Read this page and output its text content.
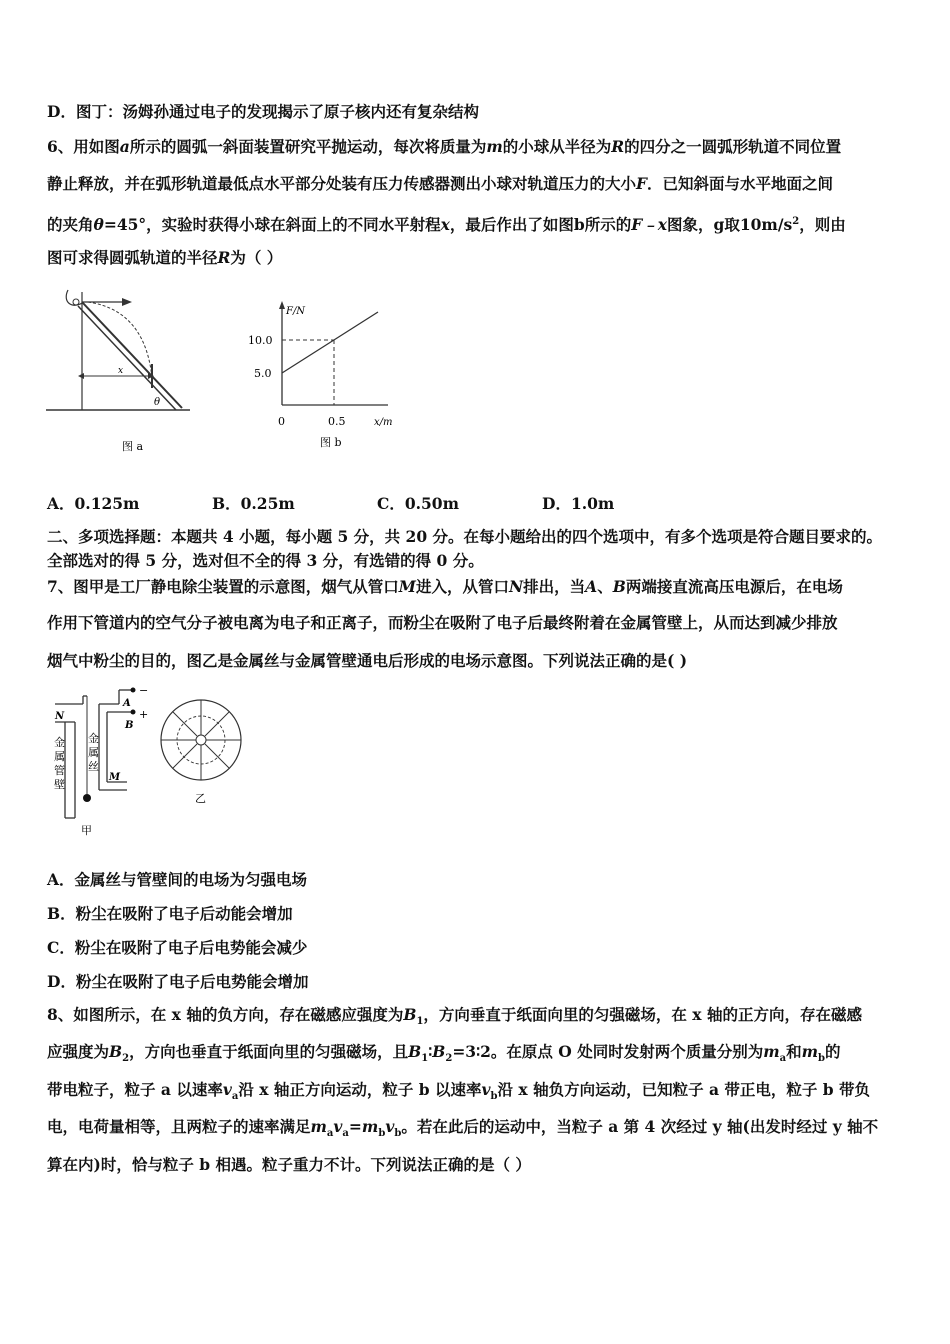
D．图丁：汤姆孙通过电子的发现揭示了原子核内还有复杂结构
6、用如图a所示的圆弧一斜面装置研究平抛运动，每次将质量为m的小球从半径为R的四分之一圆弧形轨道不同位置
静止释放，并在弧形轨道最低点水平部分处装有压力传感器测出小球对轨道压力的大小F．已知斜面与水平地面之间
的夹角θ=45°，实验时获得小球在斜面上的不同水平射程x，最后作出了如图b所示的F﹣x图象，g取$10m/s^2$，则由
图可求得圆弧轨道的半径R为（ ）
x
θ
图 a
F/N
10.0
5.0
0	0.5	x/m
图 b
A．0.125m	B．0.25m	C．0.50m	D．1.0m
二、多项选择题：本题共 4 小题，每小题 5 分，共 20 分。在每小题给出的四个选项中，有多个选项是符合题目要求的。
全部选对的得 5 分，选对但不全的得 3 分，有选错的得 0 分。
7、图甲是工厂静电除尘装置的示意图，烟气从管口M进入，从管口N排出，当A、B两端接直流高压电源后，在电场
作用下管道内的空气分子被电离为电子和正离子，而粉尘在吸附了电子后最终附着在金属管壁上，从而达到减少排放
烟气中粉尘的目的，图乙是金属丝与金属管壁通电后形成的电场示意图。下列说法正确的是( )
A
B
−
+
N
M
金
属
管
壁
金
属
丝
甲
乙
A．金属丝与管壁间的电场为匀强电场
B．粉尘在吸附了电子后动能会增加
C．粉尘在吸附了电子后电势能会减少
D．粉尘在吸附了电子后电势能会增加
8、如图所示，在 x 轴的负方向，存在磁感应强度为$B_1$，方向垂直于纸面向里的匀强磁场，在 x 轴的正方向，存在磁感
应强度为$B_2$，方向也垂直于纸面向里的匀强磁场，且$B_1∶B_2=3∶2$。在原点 O 处同时发射两个质量分别为$m_a$和$m_b$的
带电粒子，粒子 a 以速率$v_a$沿 x 轴正方向运动，粒子 b 以速率$v_b$沿 x 轴负方向运动，已知粒子 a 带正电，粒子 b 带负
电，电荷量相等，且两粒子的速率满足$m_av_a=m_bv_b$。若在此后的运动中，当粒子 a 第 4 次经过 y 轴(出发时经过 y 轴不
算在内)时，恰与粒子 b 相遇。粒子重力不计。下列说法正确的是（ ）
